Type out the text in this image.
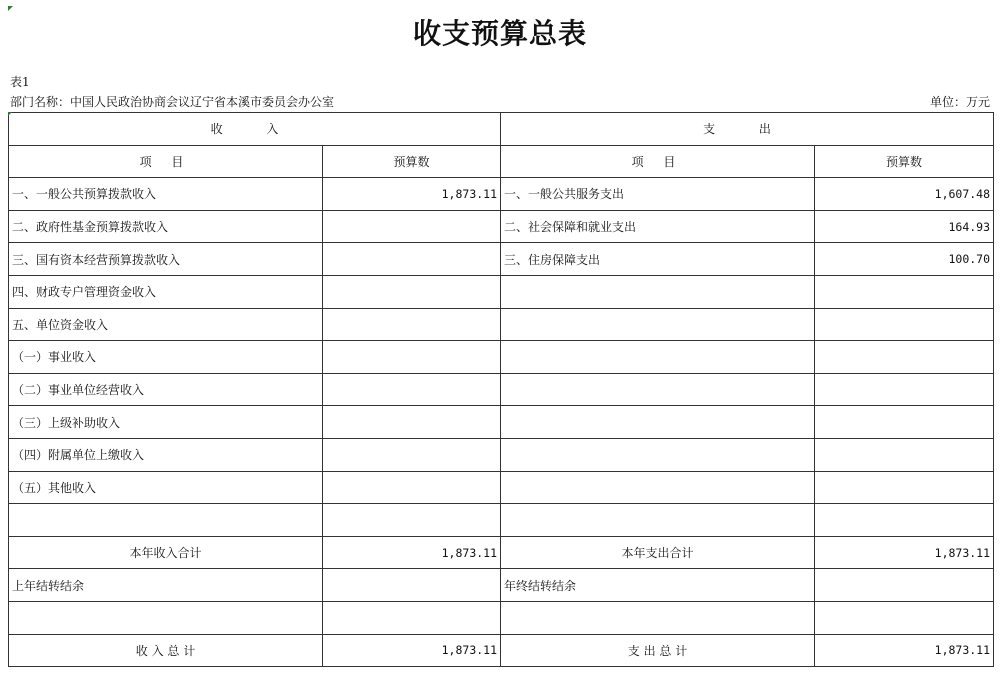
收支预算总表
表1
部门名称：中国人民政治协商会议辽宁省本溪市委员会办公室	单位：万元
收 入		支 出	
项 目	预算数	项 目	预算数
一、一般公共预算拨款收入	1,873.11	一、一般公共服务支出	1,607.48
二、政府性基金预算拨款收入		二、社会保障和就业支出	164.93
三、国有资本经营预算拨款收入		三、住房保障支出	100.70
四、财政专户管理资金收入			
五、单位资金收入			
（一）事业收入			
（二）事业单位经营收入			
（三）上级补助收入			
（四）附属单位上缴收入			
（五）其他收入			

本年收入合计	1,873.11	本年支出合计	1,873.11
上年结转结余		年终结转结余	

收 入 总 计	1,873.11	支 出 总 计	1,873.11
